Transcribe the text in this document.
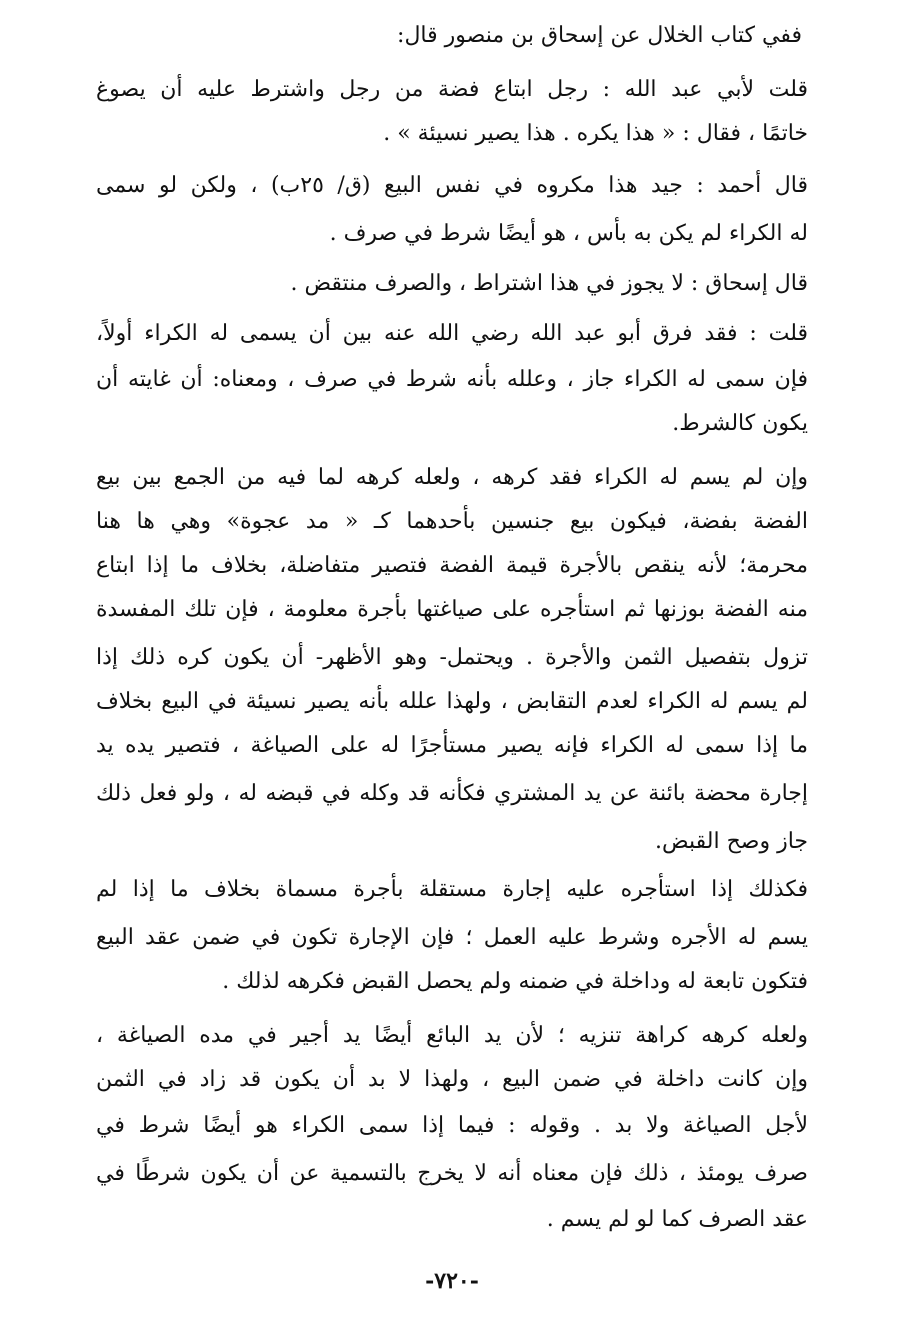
ففي كتاب الخلال عن إسحاق بن منصور قال:
قلت لأبي عبد الله : رجل ابتاع فضة من رجل واشترط عليه أن يصوغ
خاتمًا ، فقال : « هذا يكره . هذا يصير نسيئة » .
قال أحمد : جيد هذا مكروه في نفس البيع (ق/ ٢٥ب) ، ولكن لو سمى
له الكراء لم يكن به بأس ، هو أيضًا شرط في صرف .
قال إسحاق : لا يجوز في هذا اشتراط ، والصرف منتقض .
قلت : فقد فرق أبو عبد الله رضي الله عنه بين أن يسمى له الكراء أولاً،
فإن سمى له الكراء جاز ، وعلله بأنه شرط في صرف ، ومعناه: أن غايته أن
يكون كالشرط.
وإن لم يسم له الكراء فقد كرهه ، ولعله كرهه لما فيه من الجمع بين بيع
الفضة بفضة، فيكون بيع جنسين بأحدهما كـ « مد عجوة» وهي ها هنا
محرمة؛ لأنه ينقص بالأجرة قيمة الفضة فتصير متفاضلة، بخلاف ما إذا ابتاع
منه الفضة بوزنها ثم استأجره على صياغتها بأجرة معلومة ، فإن تلك المفسدة
تزول بتفصيل الثمن والأجرة . ويحتمل- وهو الأظهر- أن يكون كره ذلك إذا
لم يسم له الكراء لعدم التقابض ، ولهذا علله بأنه يصير نسيئة في البيع بخلاف
ما إذا سمى له الكراء فإنه يصير مستأجرًا له على الصياغة ، فتصير يده يد
إجارة محضة بائنة عن يد المشتري فكأنه قد وكله في قبضه له ، ولو فعل ذلك
جاز وصح القبض.
فكذلك إذا استأجره عليه إجارة مستقلة بأجرة مسماة بخلاف ما إذا لم
يسم له الأجره وشرط عليه العمل ؛ فإن الإجارة تكون في ضمن عقد البيع
فتكون تابعة له وداخلة في ضمنه ولم يحصل القبض فكرهه لذلك .
ولعله كرهه كراهة تنزيه ؛ لأن يد البائع أيضًا يد أجير في مده الصياغة ،
وإن كانت داخلة في ضمن البيع ، ولهذا لا بد أن يكون قد زاد في الثمن
لأجل الصياغة ولا بد . وقوله : فيما إذا سمى الكراء هو أيضًا شرط في
صرف يومئذ ، ذلك فإن معناه أنه لا يخرج بالتسمية عن أن يكون شرطًا في
عقد الصرف كما لو لم يسم .
-٧٢٠-
